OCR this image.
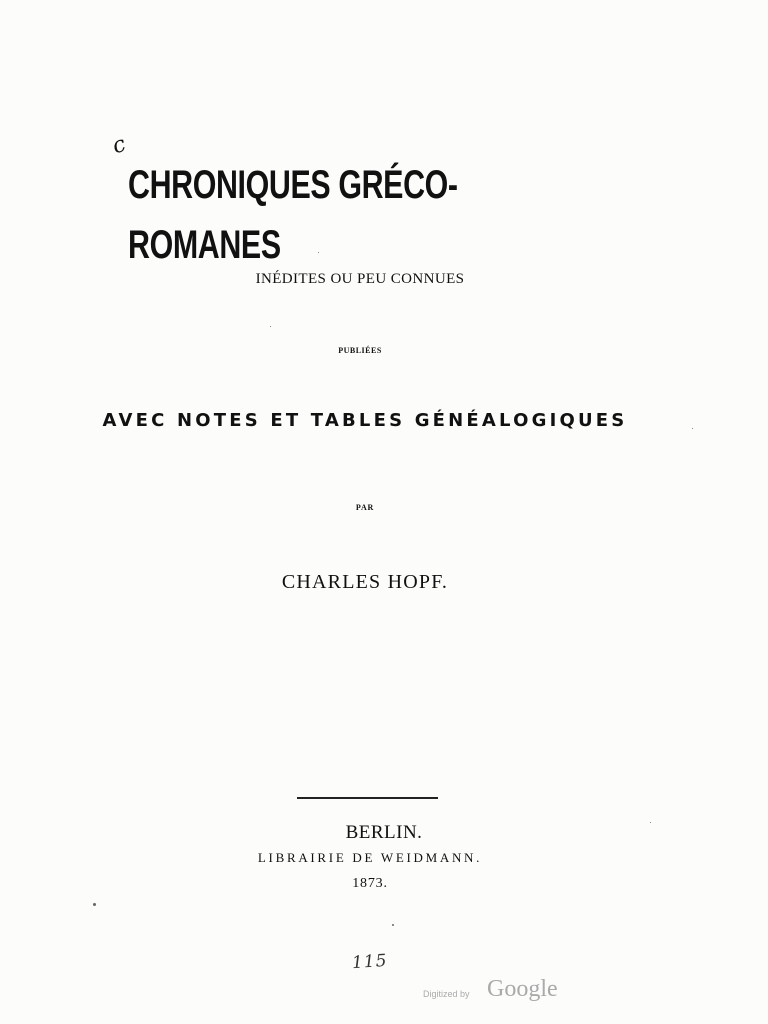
c
CHRONIQUES GRÉCO-ROMANES
INÉDITES OU PEU CONNUES
PUBLIÉES
AVEC NOTES ET TABLES GÉNÉALOGIQUES
PAR
CHARLES HOPF.
BERLIN.
LIBRAIRIE DE WEIDMANN.
1873.
115
Digitized by Google
